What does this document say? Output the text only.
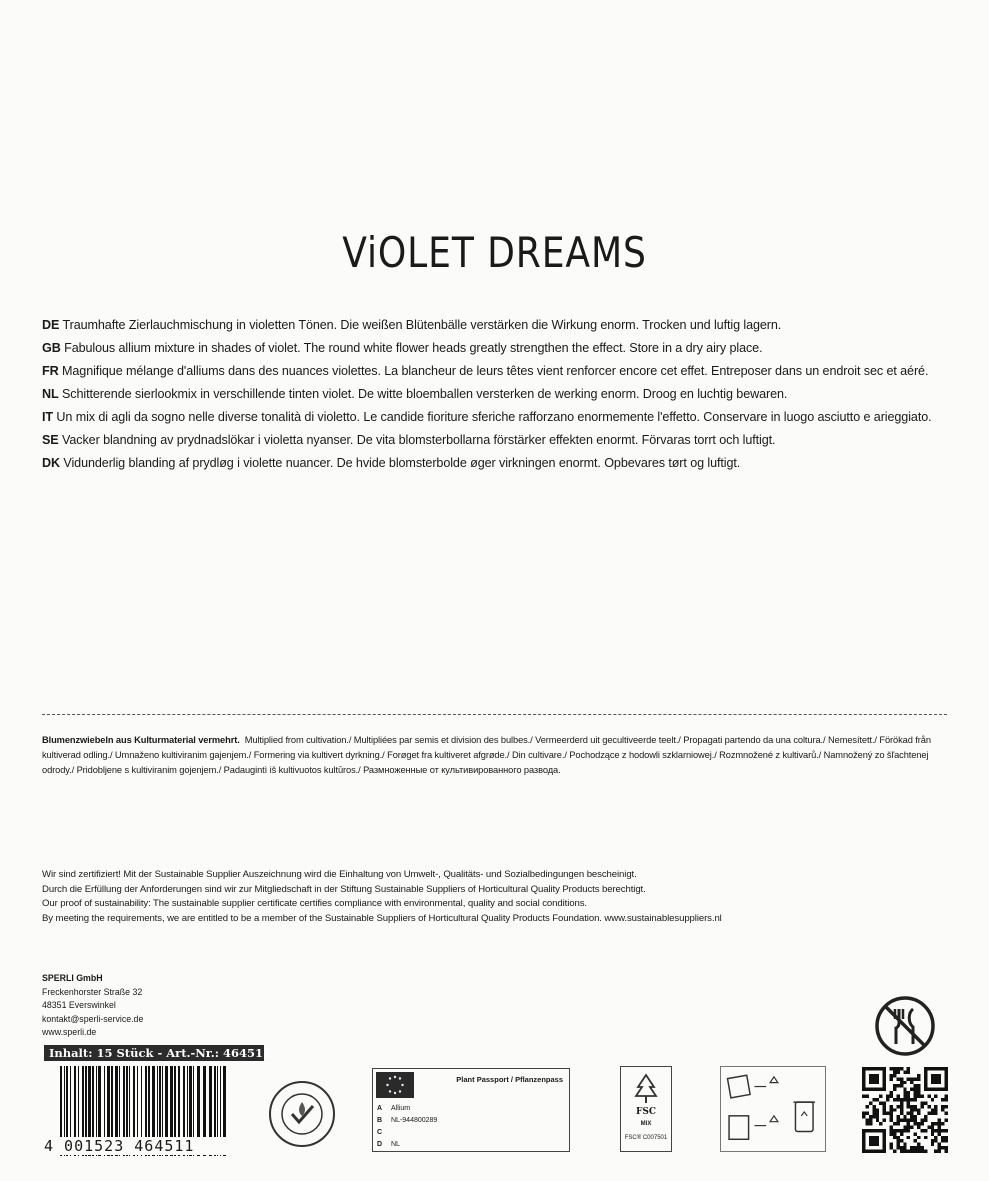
ViOLET DREAMS
DE Traumhafte Zierlauchmischung in violetten Tönen. Die weißen Blütenbälle verstärken die Wirkung enorm. Trocken und luftig lagern.
GB Fabulous allium mixture in shades of violet. The round white flower heads greatly strengthen the effect. Store in a dry airy place.
FR Magnifique mélange d'alliums dans des nuances violettes. La blancheur de leurs têtes vient renforcer encore cet effet. Entreposer dans un endroit sec et aéré.
NL Schitterende sierlookmix in verschillende tinten violet. De witte bloemballen versterken de werking enorm. Droog en luchtig bewaren.
IT Un mix di agli da sogno nelle diverse tonalità di violetto. Le candide fioriture sferiche rafforzano enormemente l'effetto. Conservare in luogo asciutto e arieggiato.
SE Vacker blandning av prydnadslökar i violetta nyanser. De vita blomsterbollarna förstärker effekten enormt. Förvaras torrt och luftigt.
DK Vidunderlig blanding af prydløg i violette nuancer. De hvide blomsterbolde øger virkningen enormt. Opbevares tørt og luftigt.
Blumenzwiebeln aus Kulturmaterial vermehrt. Multiplied from cultivation./ Multipliées par semis et division des bulbes./ Vermeerderd uit gecultiveerde teelt./ Propagati partendo da una coltura./ Nemesített./ Förökad från kultiverad odling./ Umnaženo kultiviranim gajenjem./ Formering via kultivert dyrkning./ Forøget fra kultiveret afgrøde./ Din cultivare./ Pochodzące z hodowli szklarniowej./ Rozmnožené z kultivarů./ Namnožený zo šľachtenej odrody./ Pridobljene s kultiviranim gojenjem./ Padaugintì iš kultivuotos kultūros./ Размноженные от культивированного развода.
Wir sind zertifiziert! Mit der Sustainable Supplier Auszeichnung wird die Einhaltung von Umwelt-, Qualitäts- und Sozialbedingungen bescheinigt.
Durch die Erfüllung der Anforderungen sind wir zur Mitgliedschaft in der Stiftung Sustainable Suppliers of Horticultural Quality Products berechtigt.
Our proof of sustainability: The sustainable supplier certificate certifies compliance with environmental, quality and social conditions.
By meeting the requirements, we are entitled to be a member of the Sustainable Suppliers of Horticultural Quality Products Foundation. www.sustainablesuppliers.nl
SPERLI GmbH
Freckenhorster Straße 32
48351 Everswinkel
kontakt@sperli-service.de
www.sperli.de
Inhalt: 15 Stück - Art.-Nr.: 464511
4 001523 464511
Plant Passport / Pflanzenpass
A Allium
B NL-944800289
C
D NL
FSC
MIX
FSC® C007501
